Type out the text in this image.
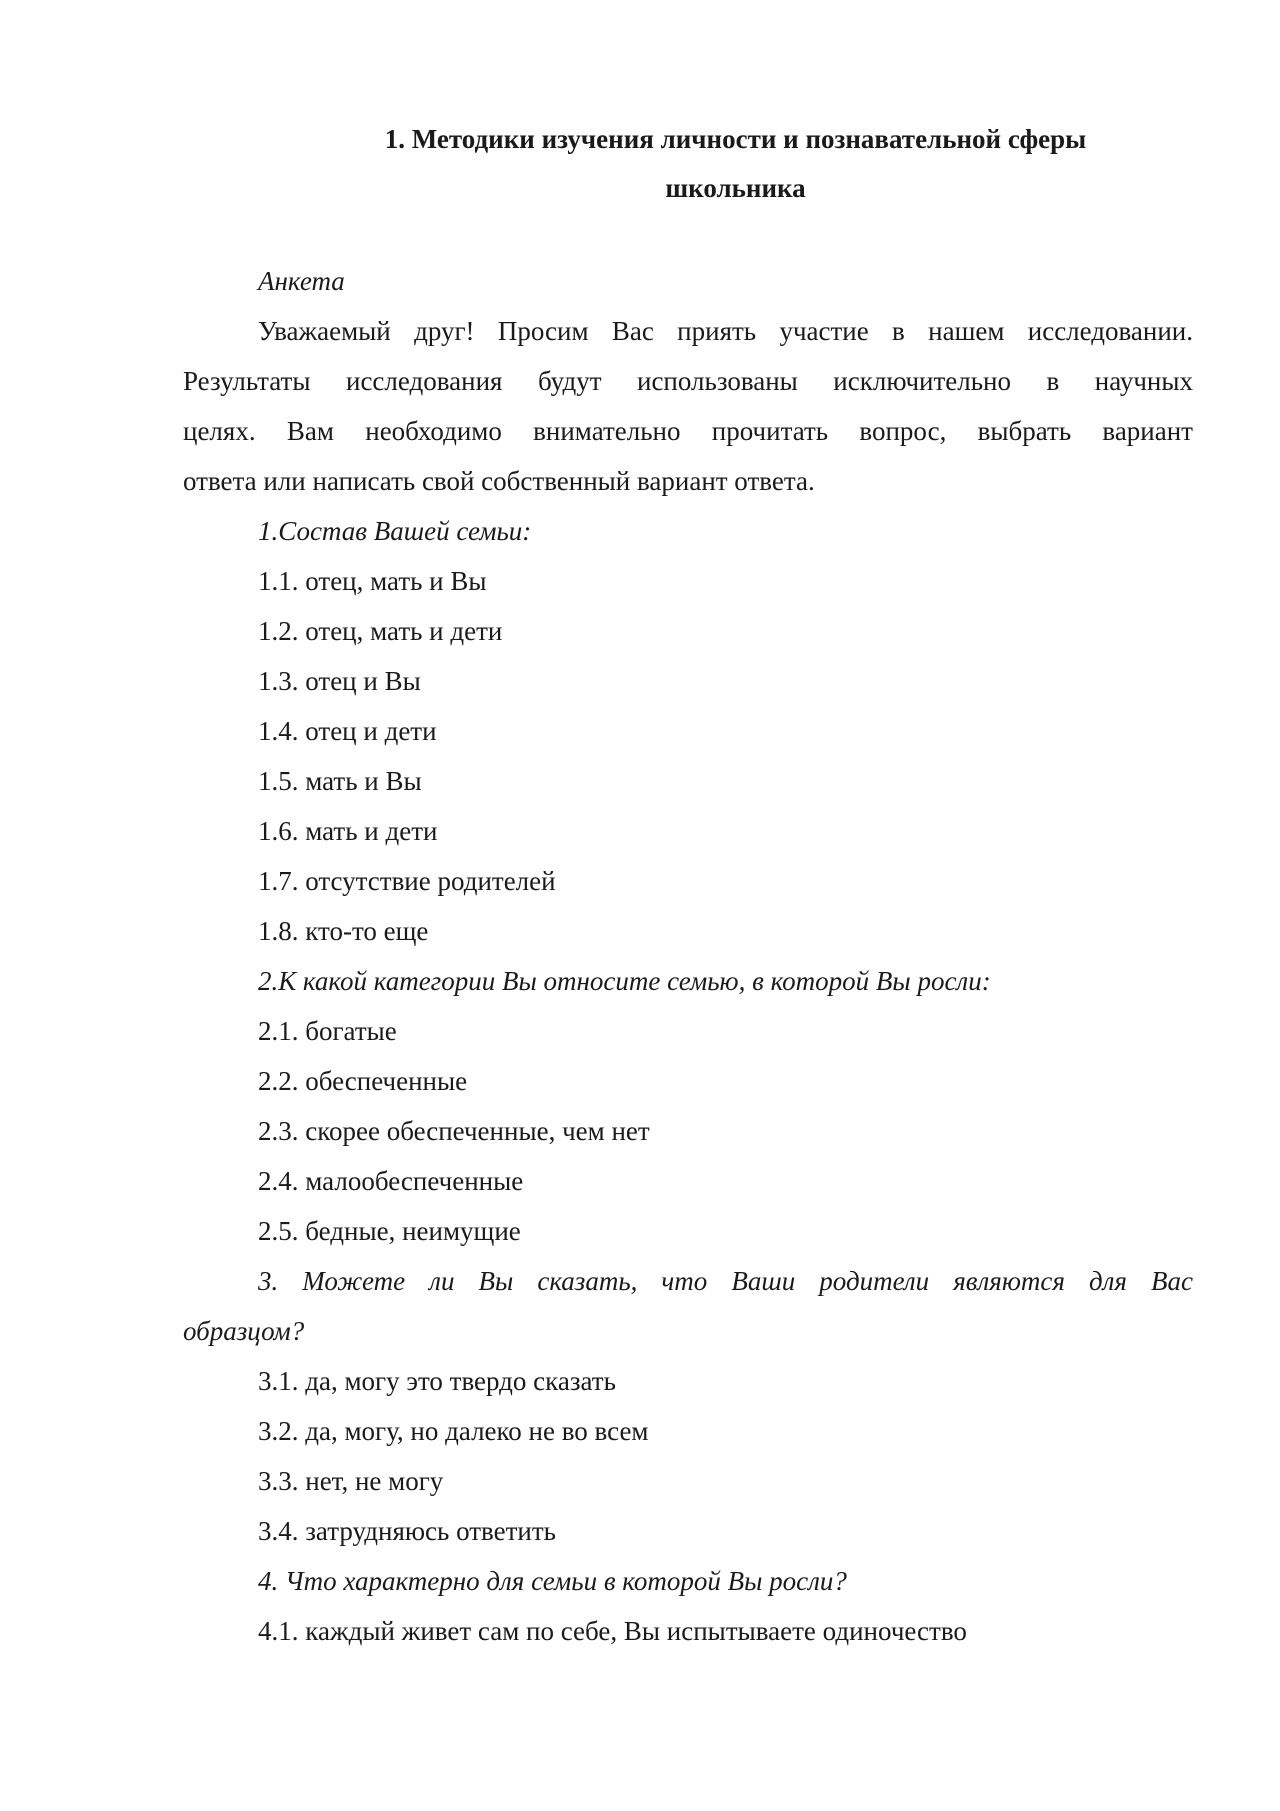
1. Методики изучения личности и познавательной сферы

школьника

Анкета

Уважаемый друг! Просим Вас приять участие в нашем исследовании.

Результаты исследования будут использованы исключительно в научных

целях. Вам необходимо внимательно прочитать вопрос, выбрать вариант

ответа или написать свой собственный вариант ответа.

1.Состав Вашей семьи:

1.1. отец, мать и Вы

1.2. отец, мать и дети

1.3. отец и Вы

1.4. отец и дети

1.5. мать и Вы

1.6. мать и дети

1.7. отсутствие родителей

1.8. кто-то еще

2.К какой категории Вы относите семью, в которой Вы росли:

2.1. богатые

2.2. обеспеченные

2.3. скорее обеспеченные, чем нет

2.4. малообеспеченные

2.5. бедные, неимущие

3. Можете ли Вы сказать, что Ваши родители являются для Вас

образцом?

3.1. да, могу это твердо сказать

3.2. да, могу, но далеко не во всем

3.3. нет, не могу

3.4. затрудняюсь ответить

4. Что характерно для семьи в которой Вы росли?

4.1. каждый живет сам по себе, Вы испытываете одиночество
